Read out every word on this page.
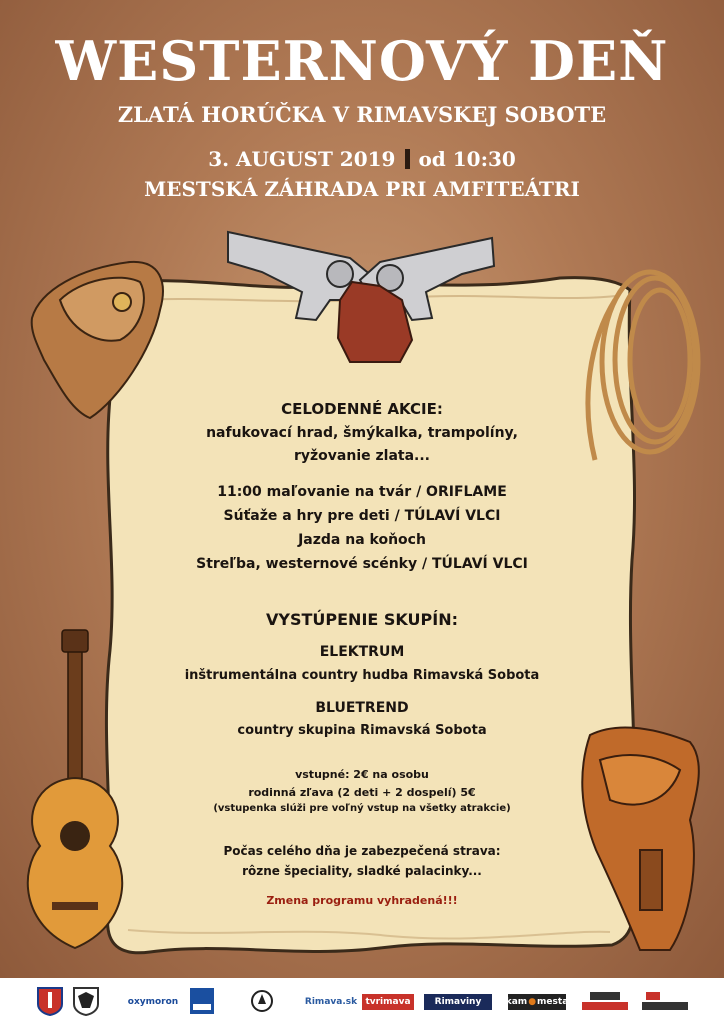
WESTERNOVÝ DEŇ
ZLATÁ HORÚČKA V RIMAVSKEJ SOBOTE
3. AUGUST 2019 od 10:30
MESTSKÁ ZÁHRADA PRI AMFITEÁTRI
CELODENNÉ AKCIE:
nafukovací hrad, šmýkalka, trampolíny,
ryžovanie zlata...
11:00 maľovanie na tvár / ORIFLAME
Súťaže a hry pre deti / TÚLAVÍ VLCI
Jazda na koňoch
Streľba, westernové scénky / TÚLAVÍ VLCI
VYSTÚPENIE SKUPÍN:
ELEKTRUM
inštrumentálna country hudba Rimavská Sobota
BLUETREND
country skupina Rimavská Sobota
vstupné: 2€ na osobu
rodinná zľava (2 deti + 2 dospelí) 5€
(vstupenka slúži pre voľný vstup na všetky atrakcie)
Počas celého dňa je zabezpečená strava:
rôzne špeciality, sladké palacinky...
Zmena programu vyhradená!!!
oxymoron	Rimava.sk tvrimava	Rimaviny	kam ● mesta
